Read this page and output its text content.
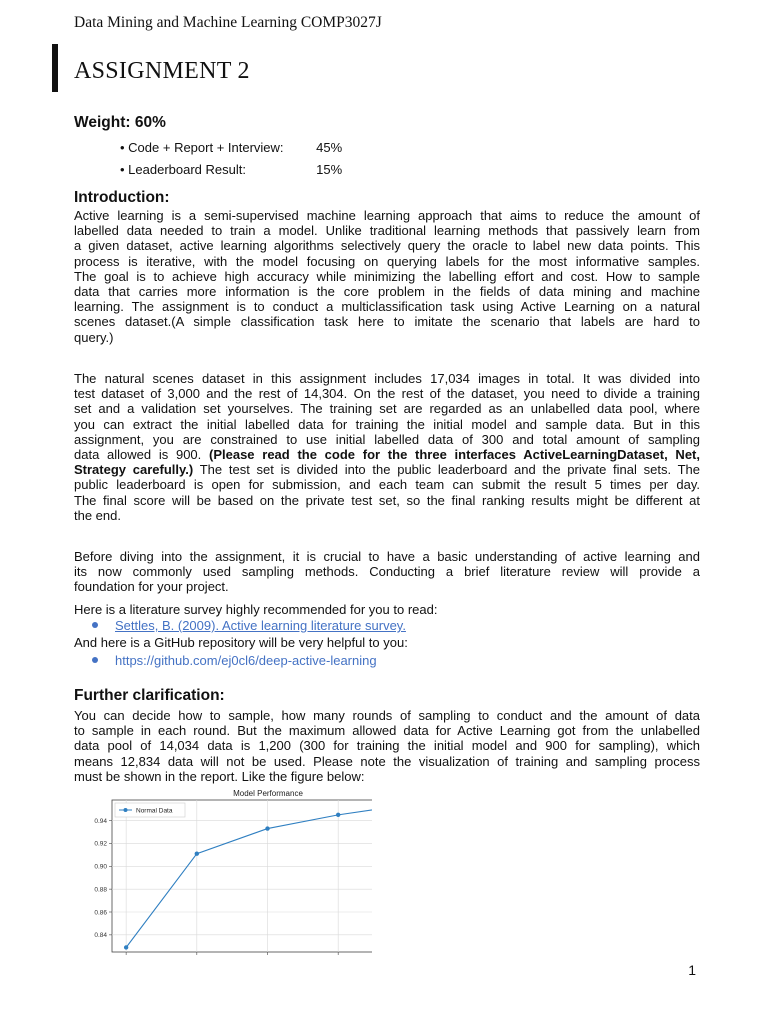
Data Mining and Machine Learning COMP3027J
ASSIGNMENT 2
Weight: 60%
• Code + Report + Interview:	45%
• Leaderboard Result:	15%
Introduction:
Active learning is a semi-supervised machine learning approach that aims to reduce the amount of
labelled data needed to train a model. Unlike traditional learning methods that passively learn from
a given dataset, active learning algorithms selectively query the oracle to label new data points. This
process is iterative, with the model focusing on querying labels for the most informative samples.
The goal is to achieve high accuracy while minimizing the labelling effort and cost. How to sample
data that carries more information is the core problem in the fields of data mining and machine
learning. The assignment is to conduct a multiclassification task using Active Learning on a natural
scenes dataset.(A simple classification task here to imitate the scenario that labels are hard to
query.)
The natural scenes dataset in this assignment includes 17,034 images in total. It was divided into
test dataset of 3,000 and the rest of 14,304. On the rest of the dataset, you need to divide a training
set and a validation set yourselves. The training set are regarded as an unlabelled data pool, where
you can extract the initial labelled data for training the initial model and sample data. But in this
assignment, you are constrained to use initial labelled data of 300 and total amount of sampling
data allowed is 900. (Please read the code for the three interfaces ActiveLearningDataset, Net,
Strategy carefully.) The test set is divided into the public leaderboard and the private final sets. The
public leaderboard is open for submission, and each team can submit the result 5 times per day.
The final score will be based on the private test set, so the final ranking results might be different at
the end.
Before diving into the assignment, it is crucial to have a basic understanding of active learning and
its now commonly used sampling methods. Conducting a brief literature review will provide a
foundation for your project.
Here is a literature survey highly recommended for you to read:
Settles, B. (2009). Active learning literature survey.
And here is a GitHub repository will be very helpful to you:
https://github.com/ej0cl6/deep-active-learning
Further clarification:
You can decide how to sample, how many rounds of sampling to conduct and the amount of data
to sample in each round. But the maximum allowed data for Active Learning got from the unlabelled
data pool of 14,034 data is 1,200 (300 for training the initial model and 900 for sampling), which
means 12,834 data will not be used. Please note the visualization of training and sampling process
must be shown in the report. Like the figure below:
Model Performance
0.84
0.86
0.88
0.90
0.92
0.94
Normal Data
1
